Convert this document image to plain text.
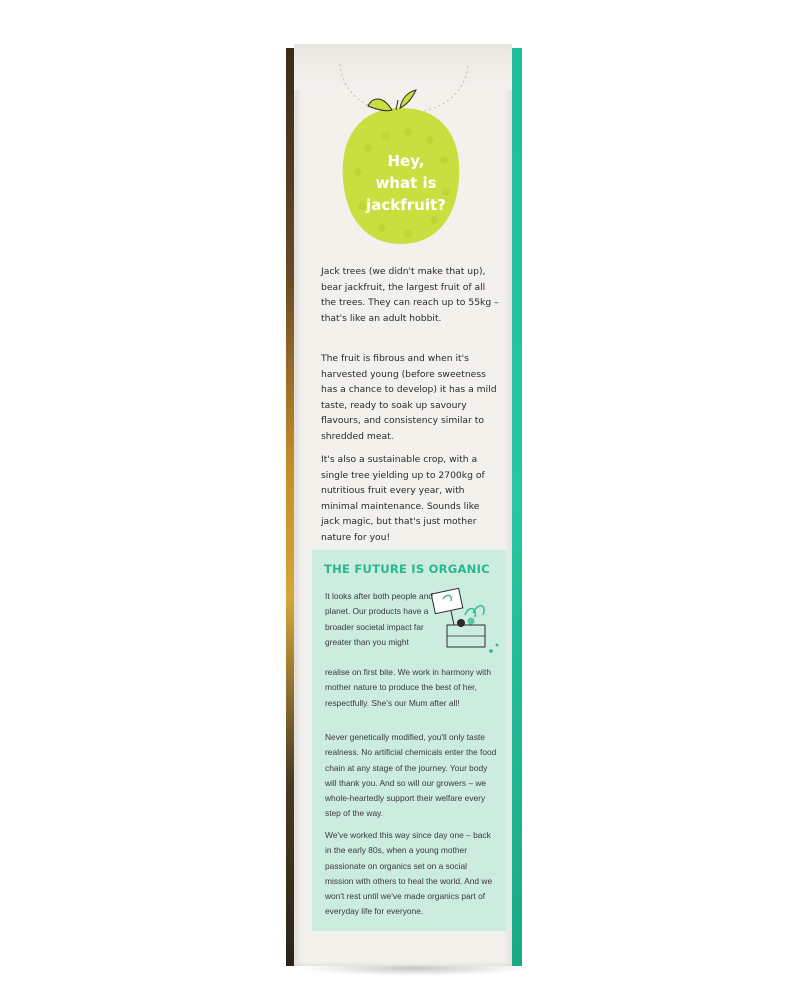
Hey,
what is
jackfruit?
Jack trees (we didn't make that up), bear jackfruit, the largest fruit of all the trees. They can reach up to 55kg – that's like an adult hobbit.
The fruit is fibrous and when it's harvested young (before sweetness has a chance to develop) it has a mild taste, ready to soak up savoury flavours, and consistency similar to shredded meat.
It's also a sustainable crop, with a single tree yielding up to 2700kg of nutritious fruit every year, with minimal maintenance. Sounds like jack magic, but that's just mother nature for you!
THE FUTURE IS ORGANIC
It looks after both people and planet. Our products have a broader societal impact far greater than you might
realise on first bite. We work in harmony with mother nature to produce the best of her, respectfully. She's our Mum after all!
Never genetically modified, you'll only taste realness. No artificial chemicals enter the food chain at any stage of the journey. Your body will thank you. And so will our growers – we whole-heartedly support their welfare every step of the way.
We've worked this way since day one – back in the early 80s, when a young mother passionate on organics set on a social mission with others to heal the world. And we won't rest until we've made organics part of everyday life for everyone.
